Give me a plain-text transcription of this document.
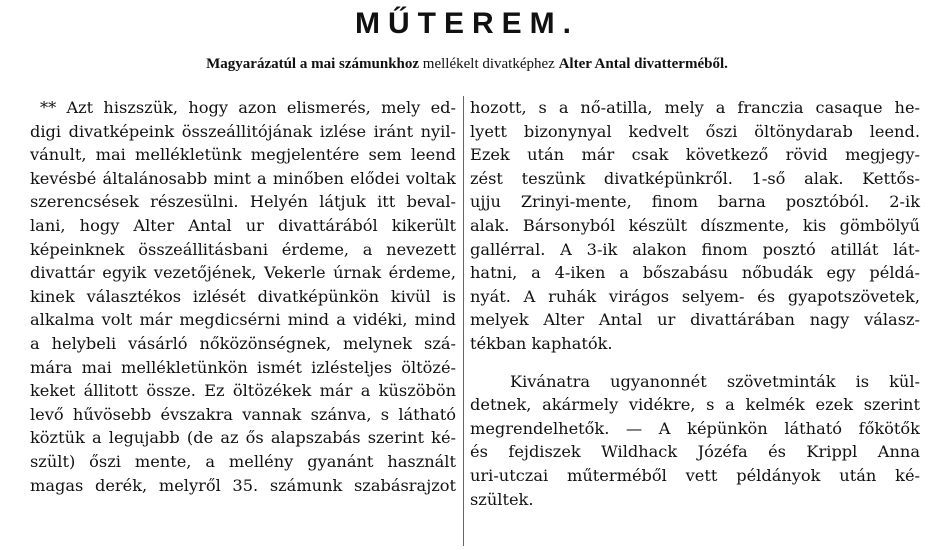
MŰTEREM.
Magyarázatúl a mai számunkhoz mellékelt divatképhez Alter Antal divatterméből.
** Azt hiszszük, hogy azon elismerés, mely ed-
digi divatképeink összeállitójának izlése iránt nyil-
vánult, mai mellékletünk megjelentére sem leend
kevésbé általánosabb mint a minőben elődei voltak
szerencsések részesülni. Helyén látjuk itt beval-
lani, hogy Alter Antal ur divattárából kikerült
képeinknek összeállitásbani érdeme, a nevezett
divattár egyik vezetőjének, Vekerle úrnak érdeme,
kinek választékos izlését divatképünkön kivül is
alkalma volt már megdicsérni mind a vidéki, mind
a helybeli vásárló nőközönségnek, melynek szá-
mára mai mellékletünkön ismét izlésteljes öltözé-
keket állitott össze. Ez öltözékek már a küszöbön
levő hűvösebb évszakra vannak szánva, s látható
köztük a legujabb (de az ős alapszabás szerint ké-
szült) őszi mente, a mellény gyanánt használt
magas derék, melyről 35. számunk szabásrajzot
hozott, s a nő-atilla, mely a franczia casaque he-
lyett bizonynyal kedvelt őszi öltönydarab leend.
Ezek után már csak következő rövid megjegy-
zést teszünk divatképünkről. 1-ső alak. Kettős-
ujju Zrinyi-mente, finom barna posztóból. 2-ik
alak. Bársonyból készült díszmente, kis gömbölyű
gallérral. A 3-ik alakon finom posztó atillát lát-
hatni, a 4-iken a bőszabásu nőbudák egy példá-
nyát. A ruhák virágos selyem- és gyapotszövetek,
melyek Alter Antal ur divattárában nagy válasz-
tékban kaphatók.
Kivánatra ugyanonnét szövetminták is kül-
detnek, akármely vidékre, s a kelmék ezek szerint
megrendelhetők. — A képünkön látható főkötők
és fejdiszek Wildhack Józéfa és Krippl Anna
uri-utczai műterméből vett példányok után ké-
szültek.
